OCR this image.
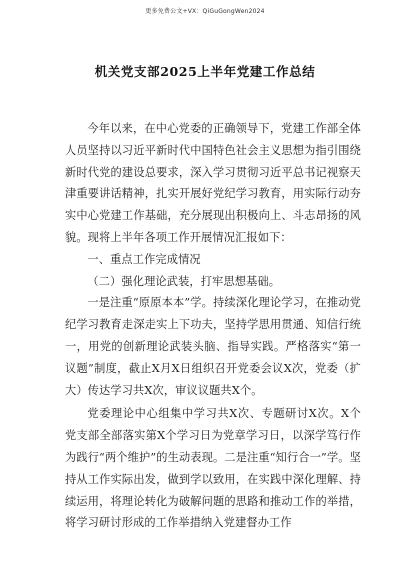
更多免费公文+VX：QiGuGongWen2024
机关党支部2025上半年党建工作总结

今年以来，在中心党委的正确领导下，党建工作部全体人员坚持以习近平新时代中国特色社会主义思想为指引围绕新时代党的建设总要求，深入学习贯彻习近平总书记视察天津重要讲话精神，扎实开展好党纪学习教育，用实际行动夯实中心党建工作基础，充分展现出积极向上、斗志昂扬的风貌。现将上半年各项工作开展情况汇报如下：

一、重点工作完成情况

（二）强化理论武装，打牢思想基础。

一是注重“原原本本”学。持续深化理论学习，在推动党纪学习教育走深走实上下功夫，坚持学思用贯通、知信行统一，用党的创新理论武装头脑、指导实践。严格落实“第一议题”制度，截止X月X日组织召开党委会议X次，党委（扩大）传达学习共X次，审议议题共X个。

党委理论中心组集中学习共X次、专题研讨X次。X个党支部全部落实第X个学习日为党章学习日，以深学笃行作为践行“两个维护”的生动表现。二是注重“知行合一”学。坚持从工作实际出发，做到学以致用，在实践中深化理解、持续运用，将理论转化为破解问题的思路和推动工作的举措，将学习研讨形成的工作举措纳入党建督办工作
